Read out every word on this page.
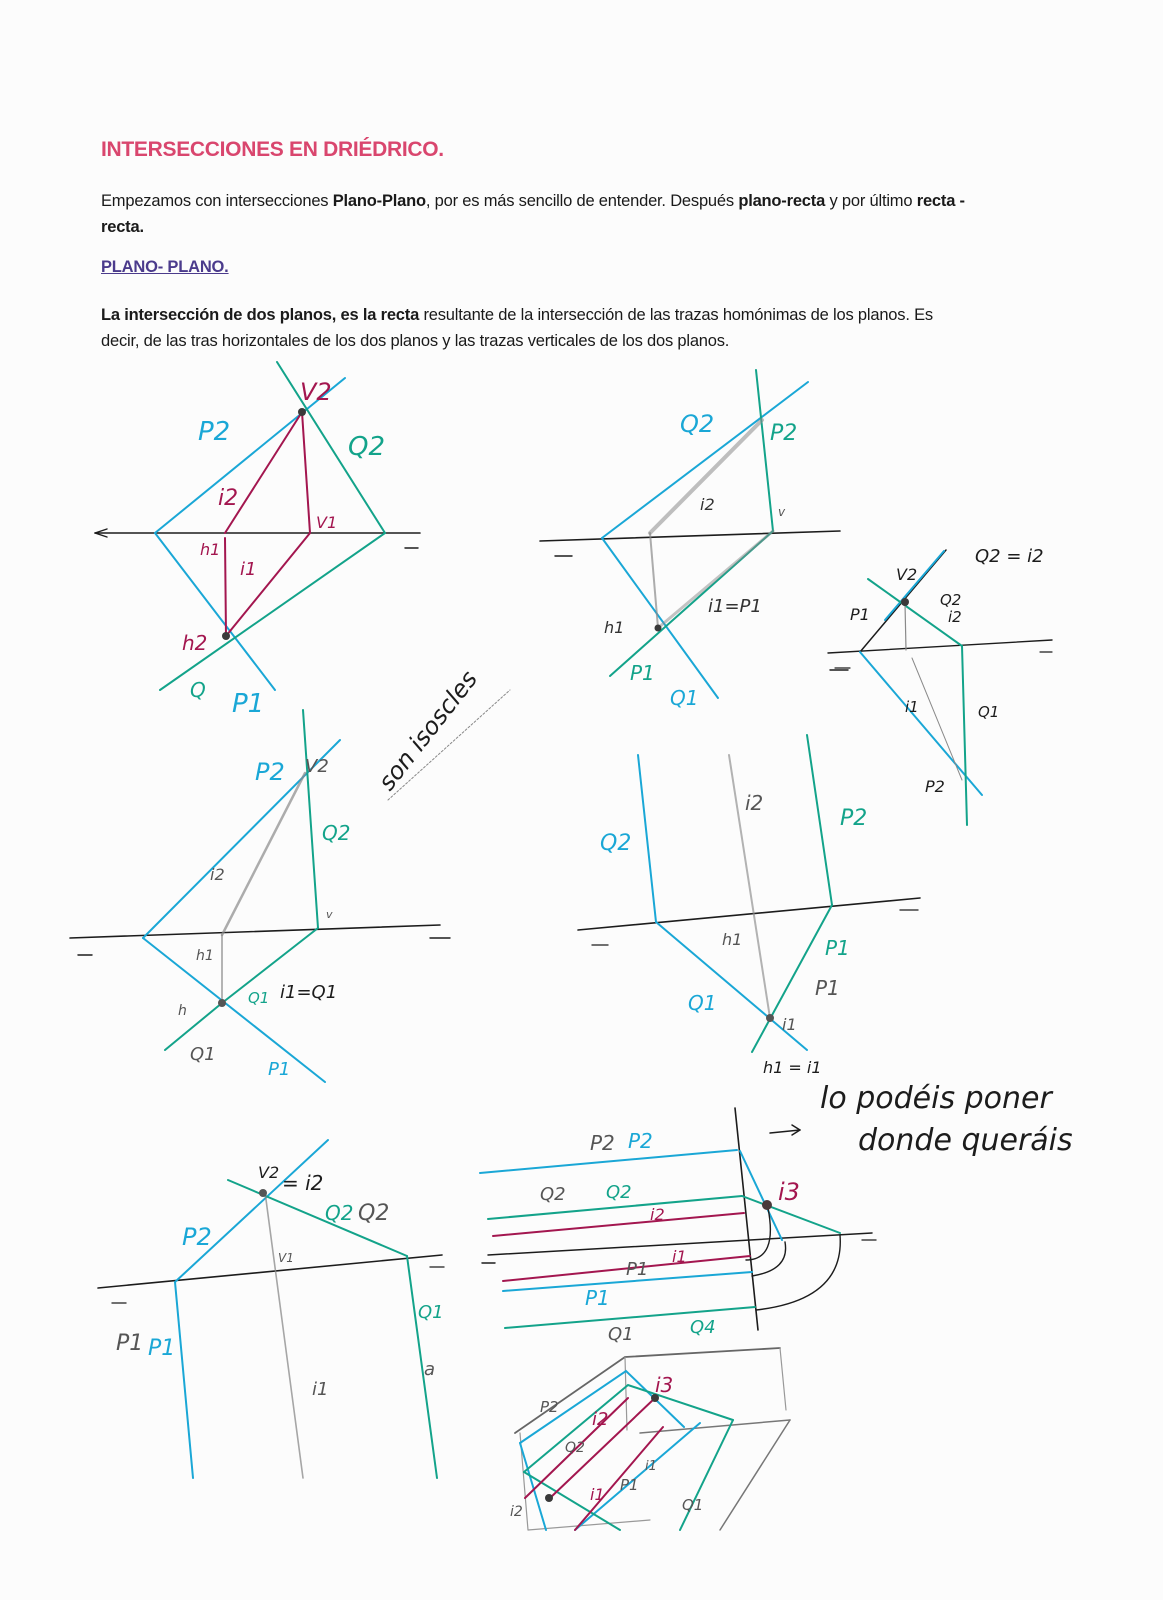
INTERSECCIONES EN DRIÉDRICO.
Empezamos con intersecciones Plano-Plano, por es más sencillo de entender. Después plano-recta y por último recta -recta.
PLANO- PLANO.
La intersección de dos planos, es la recta resultante de la intersección de las trazas homónimas de los planos. Es decir, de las tras horizontales de los dos planos y las trazas verticales de los dos planos.
P2	Q2
V2
i2
V1
h1
i1
h2
Q P1
Q2	P2
i2	v
i1=P1
h1
P1
Q1
Q2 = i2
V2
Q2
i2
P1
i1	Q1
P2
P2 V2
Q2
i2
v
h1
Q1 i1=Q1
h
Q1
P1
son isoscles
Q2
i2
P2
h1	P1
P1
Q1
i1
h1 = i1
V2 = i2
P2
Q2 Q2
V1
P1 P1
i1
Q1
a
P2 P2
Q2 Q2
i2
i1
P1
P1
Q1	Q4
i3
lo podéis poner
donde queráis
P2
i2
Q2
i3
i1 P1
i1
Q1
i2
